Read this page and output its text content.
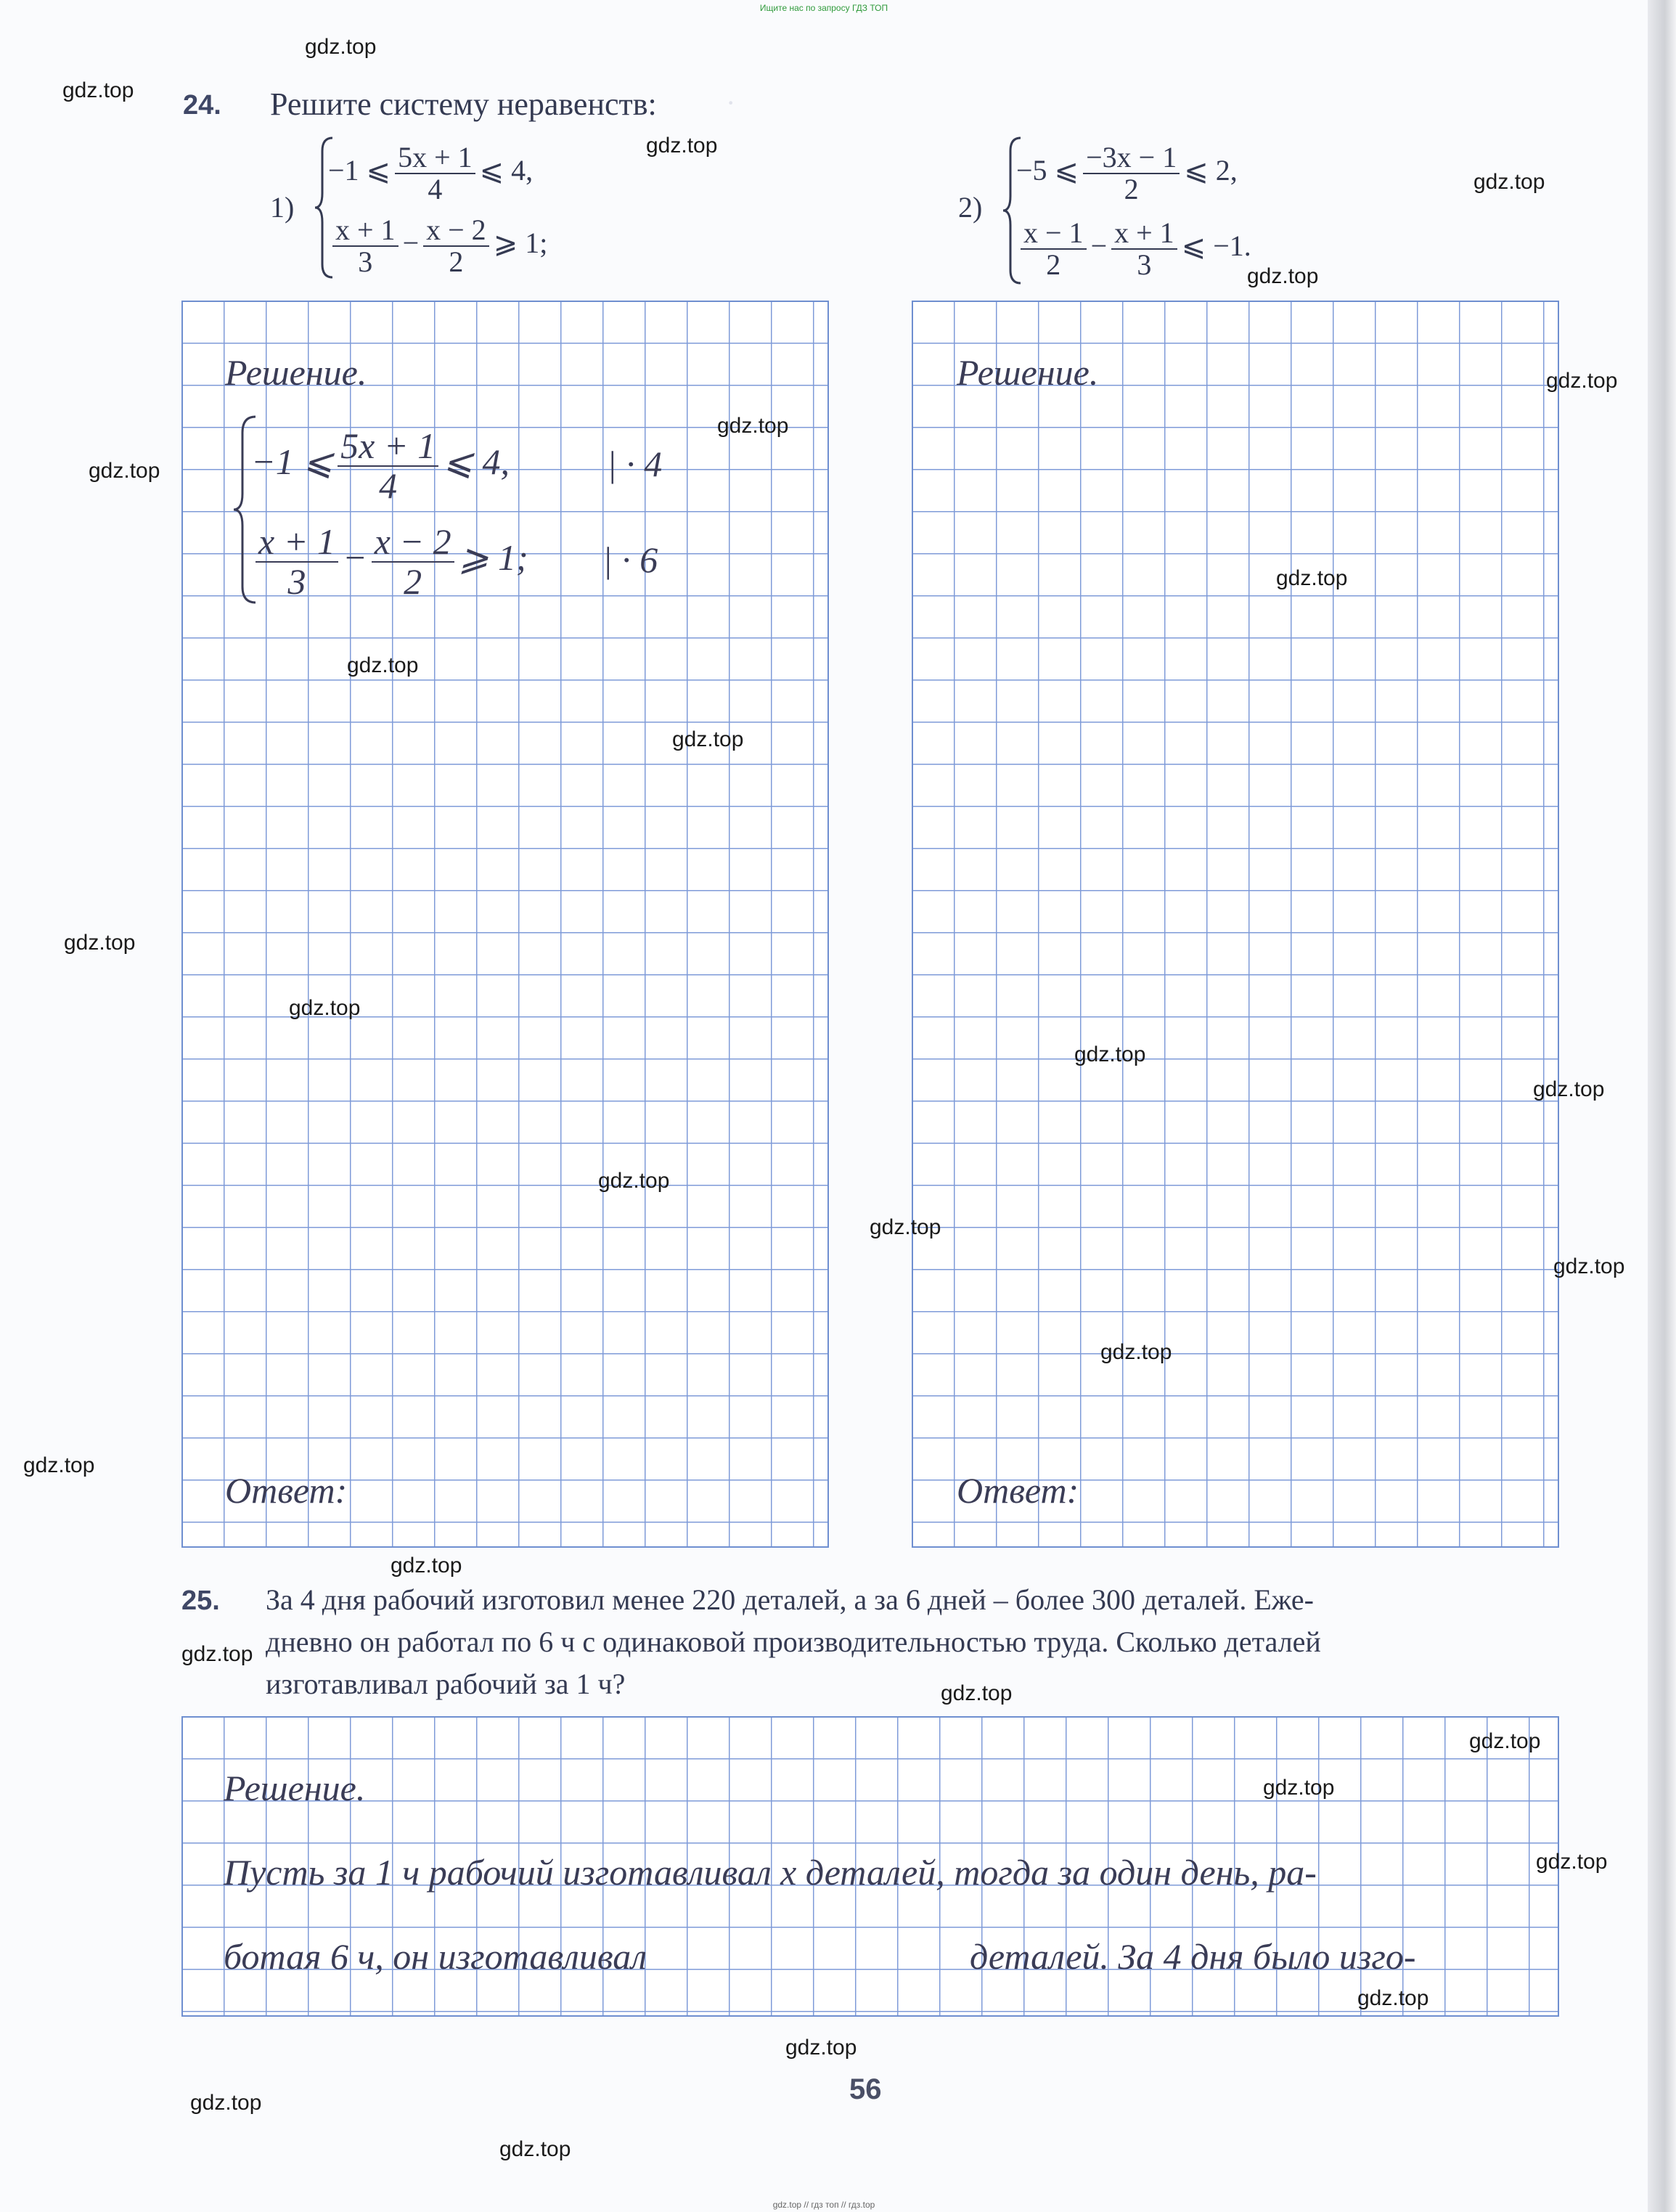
Ищите нас по запросу ГДЗ ТОП
·
24. Решите систему неравенств:
1)
−1 ⩽ $\frac{5x + 1}{4}$ ⩽ 4,
$\frac{x + 1}{3} - \frac{x - 2}{2}$ ⩾ 1;
2)
−5 ⩽ $\frac{-3x - 1}{2}$ ⩽ 2,
$\frac{x - 1}{2} - \frac{x + 1}{3}$ ⩽ −1.
Решение.
−1 ⩽ $\frac{5x + 1}{4}$ ⩽ 4,	| · 4
$\frac{x + 1}{3} - \frac{x - 2}{2}$ ⩾ 1; | · 6
Ответ:
Решение.
Ответ:
25. За 4 дня рабочий изготовил менее 220 деталей, а за 6 дней – более 300 деталей. Еже-
дневно он работал по 6 ч с одинаковой производительностью труда. Сколько деталей
изготавливал рабочий за 1 ч?
Решение.
Пусть за 1 ч рабочий изготавливал x деталей, тогда за один день, ра-
ботая 6 ч, он изготавливал	деталей. За 4 дня было изго-
56
gdz.top
gdz.top
gdz.top
gdz.top
gdz.top
gdz.top
gdz.top
gdz.top
gdz.top
gdz.top
gdz.top
gdz.top
gdz.top
gdz.top
gdz.top
gdz.top
gdz.top
gdz.top
gdz.top
gdz.top
gdz.top
gdz.top
gdz.top
gdz.top
gdz.top
gdz.top
gdz.top
gdz.top
gdz.top
gdz.top
gdz.top // гдз топ // гдз.top
